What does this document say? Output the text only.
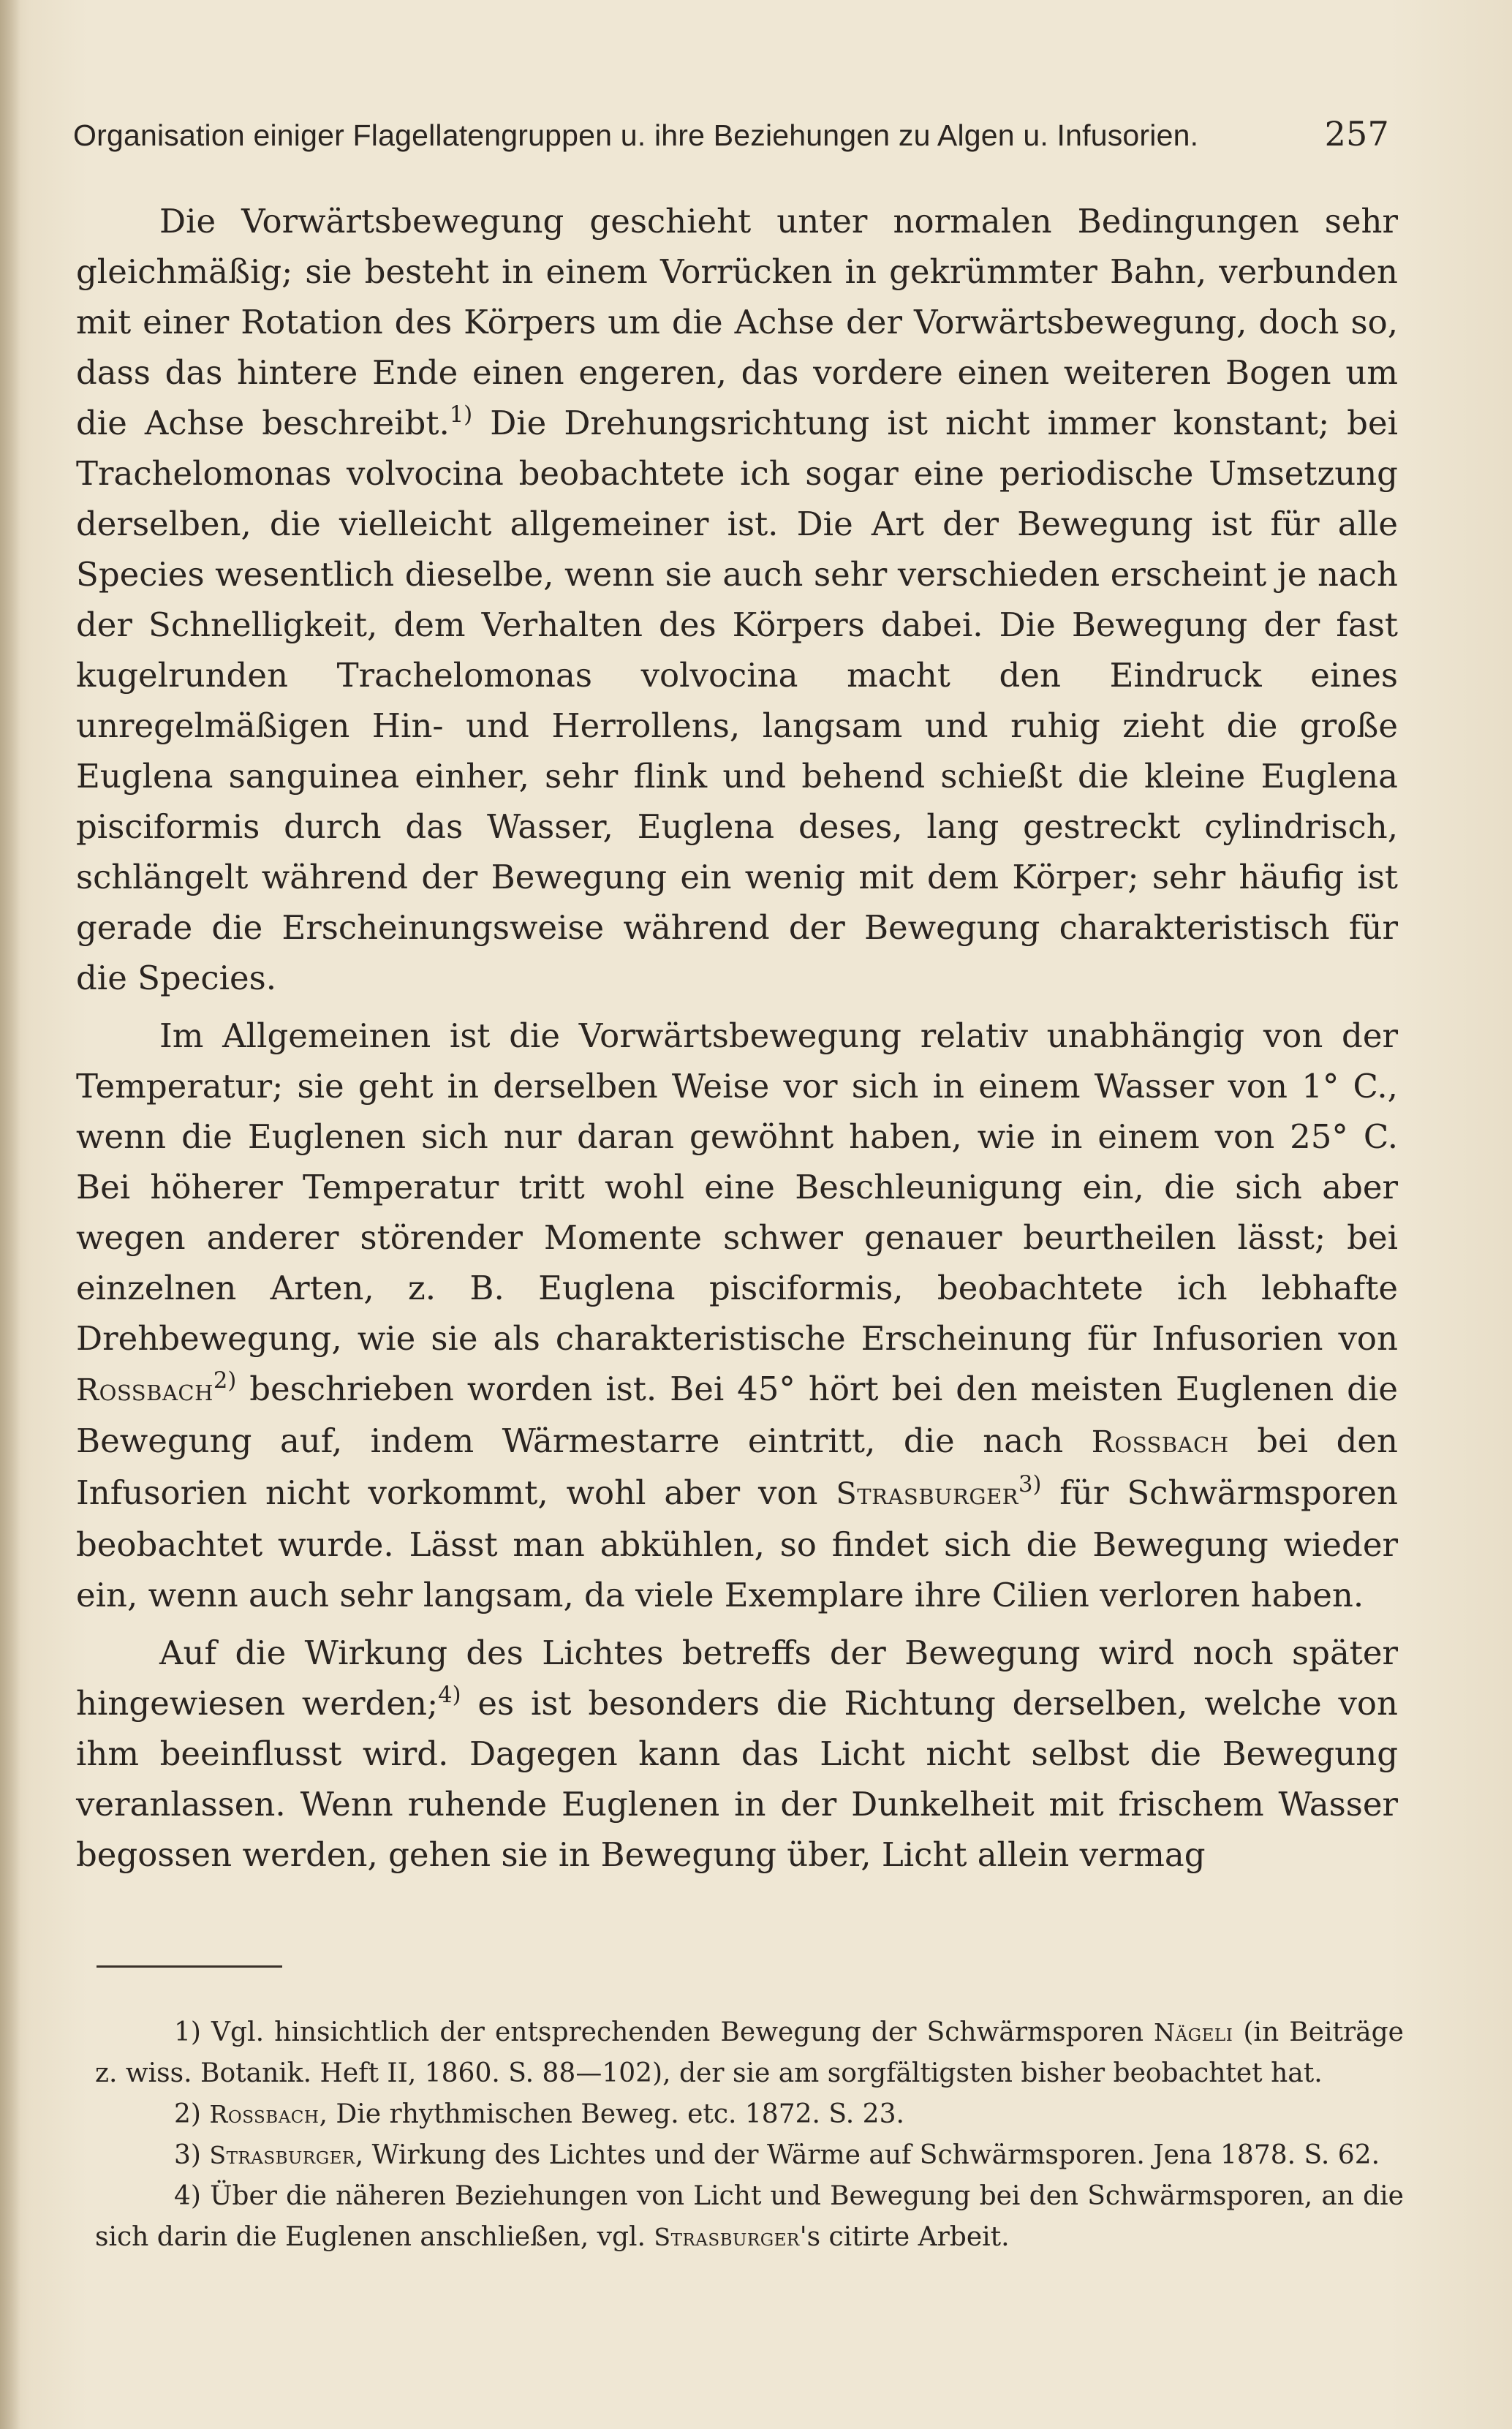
Organisation einiger Flagellatengruppen u. ihre Beziehungen zu Algen u. Infusorien.	257

Die Vorwärtsbewegung geschieht unter normalen Bedingungen sehr gleichmäßig; sie besteht in einem Vorrücken in gekrümmter Bahn, verbunden mit einer Rotation des Körpers um die Achse der Vorwärtsbewegung, doch so, dass das hintere Ende einen engeren, das vordere einen weiteren Bogen um die Achse beschreibt.$^{1)}$ Die Drehungsrichtung ist nicht immer konstant; bei Trachelomonas volvocina beobachtete ich sogar eine periodische Umsetzung derselben, die vielleicht allgemeiner ist. Die Art der Bewegung ist für alle Species wesentlich dieselbe, wenn sie auch sehr verschieden erscheint je nach der Schnelligkeit, dem Verhalten des Körpers dabei. Die Bewegung der fast kugelrunden Trachelomonas volvocina macht den Eindruck eines unregelmäßigen Hin- und Herrollens, langsam und ruhig zieht die große Euglena sanguinea einher, sehr flink und behend schießt die kleine Euglena pisciformis durch das Wasser, Euglena deses, lang gestreckt cylindrisch, schlängelt während der Bewegung ein wenig mit dem Körper; sehr häufig ist gerade die Erscheinungsweise während der Bewegung charakteristisch für die Species.

Im Allgemeinen ist die Vorwärtsbewegung relativ unabhängig von der Temperatur; sie geht in derselben Weise vor sich in einem Wasser von 1° C., wenn die Euglenen sich nur daran gewöhnt haben, wie in einem von 25° C. Bei höherer Temperatur tritt wohl eine Beschleunigung ein, die sich aber wegen anderer störender Momente schwer genauer beurtheilen lässt; bei einzelnen Arten, z. B. Euglena pisciformis, beobachtete ich lebhafte Drehbewegung, wie sie als charakteristische Erscheinung für Infusorien von Rossbach$^{2)}$ beschrieben worden ist. Bei 45° hört bei den meisten Euglenen die Bewegung auf, indem Wärmestarre eintritt, die nach Rossbach bei den Infusorien nicht vorkommt, wohl aber von Strasburger$^{3)}$ für Schwärmsporen beobachtet wurde. Lässt man abkühlen, so findet sich die Bewegung wieder ein, wenn auch sehr langsam, da viele Exemplare ihre Cilien verloren haben.

Auf die Wirkung des Lichtes betreffs der Bewegung wird noch später hingewiesen werden;$^{4)}$ es ist besonders die Richtung derselben, welche von ihm beeinflusst wird. Dagegen kann das Licht nicht selbst die Bewegung veranlassen. Wenn ruhende Euglenen in der Dunkelheit mit frischem Wasser begossen werden, gehen sie in Bewegung über, Licht allein vermag

1) Vgl. hinsichtlich der entsprechenden Bewegung der Schwärmsporen Nägeli (in Beiträge z. wiss. Botanik. Heft II, 1860. S. 88—102), der sie am sorgfältigsten bisher beobachtet hat.

2) Rossbach, Die rhythmischen Beweg. etc. 1872. S. 23.

3) Strasburger, Wirkung des Lichtes und der Wärme auf Schwärmsporen. Jena 1878. S. 62.

4) Über die näheren Beziehungen von Licht und Bewegung bei den Schwärmsporen, an die sich darin die Euglenen anschließen, vgl. Strasburger's citirte Arbeit.
